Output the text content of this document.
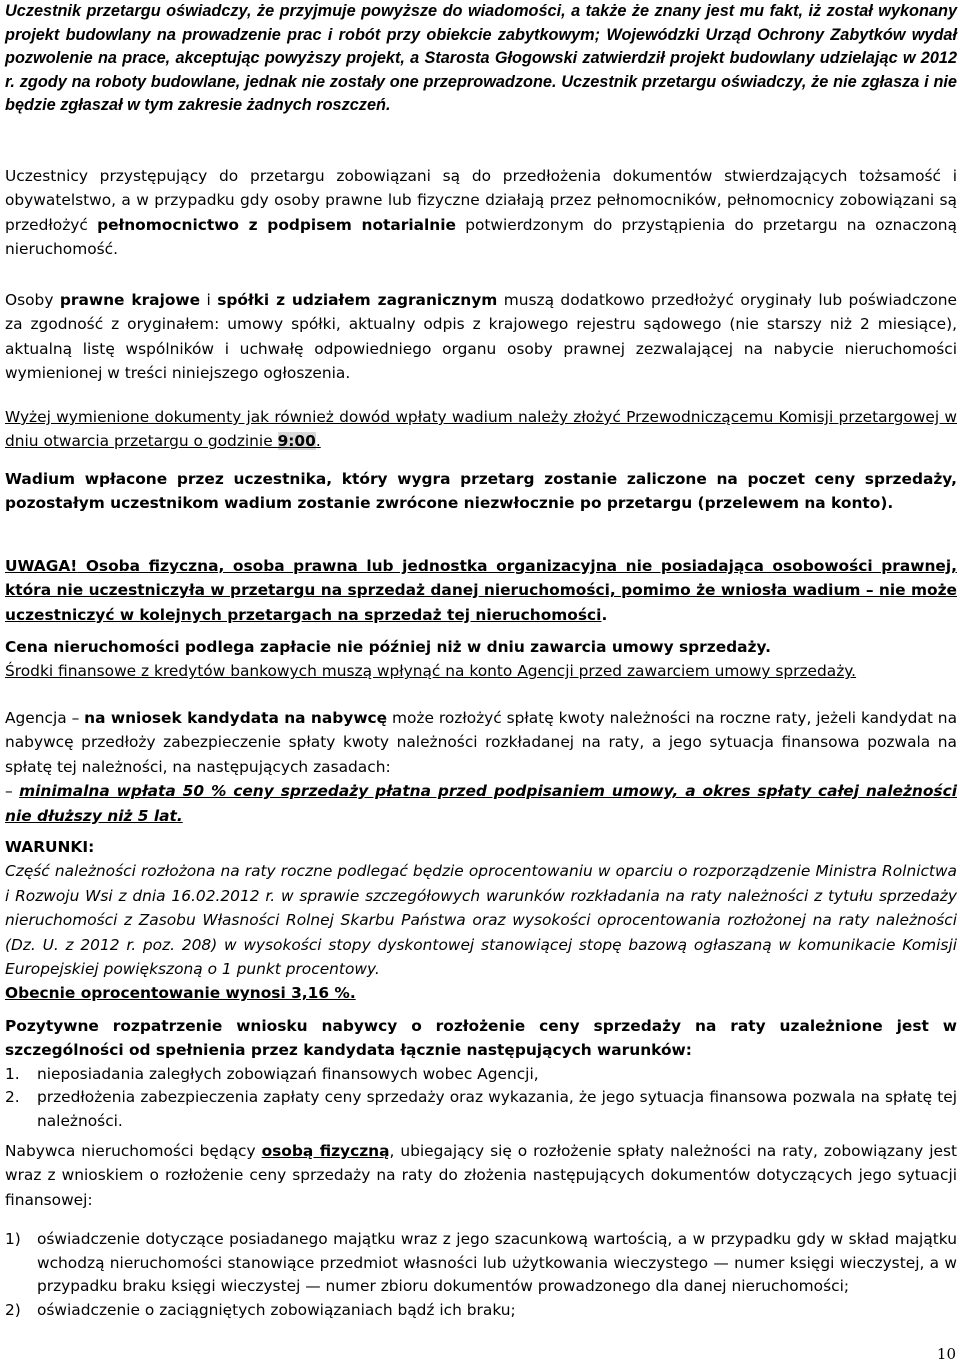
Uczestnik przetargu oświadczy, że przyjmuje powyższe do wiadomości, a także że znany jest mu fakt, iż został wykonany projekt budowlany na prowadzenie prac i robót przy obiekcie zabytkowym; Wojewódzki Urząd Ochrony Zabytków wydał pozwolenie na prace, akceptując powyższy projekt, a Starosta Głogowski zatwierdził projekt budowlany udzielając w 2012 r. zgody na roboty budowlane, jednak nie zostały one przeprowadzone. Uczestnik przetargu oświadczy, że nie zgłasza i nie będzie zgłaszał w tym zakresie żadnych roszczeń.

Uczestnicy przystępujący do przetargu zobowiązani są do przedłożenia dokumentów stwierdzających tożsamość i obywatelstwo, a w przypadku gdy osoby prawne lub fizyczne działają przez pełnomocników, pełnomocnicy zobowiązani są przedłożyć pełnomocnictwo z podpisem notarialnie potwierdzonym do przystąpienia do przetargu na oznaczoną nieruchomość.

Osoby prawne krajowe i spółki z udziałem zagranicznym muszą dodatkowo przedłożyć oryginały lub poświadczone za zgodność z oryginałem: umowy spółki, aktualny odpis z krajowego rejestru sądowego (nie starszy niż 2 miesiące), aktualną listę wspólników i uchwałę odpowiedniego organu osoby prawnej zezwalającej na nabycie nieruchomości wymienionej w treści niniejszego ogłoszenia.

Wyżej wymienione dokumenty jak również dowód wpłaty wadium należy złożyć Przewodniczącemu Komisji przetargowej w dniu otwarcia przetargu o godzinie 9:00.

Wadium wpłacone przez uczestnika, który wygra przetarg zostanie zaliczone na poczet ceny sprzedaży, pozostałym uczestnikom wadium zostanie zwrócone niezwłocznie po przetargu (przelewem na konto).

UWAGA! Osoba fizyczna, osoba prawna lub jednostka organizacyjna nie posiadająca osobowości prawnej, która nie uczestniczyła w przetargu na sprzedaż danej nieruchomości, pomimo że wniosła wadium – nie może uczestniczyć w kolejnych przetargach na sprzedaż tej nieruchomości.

Cena nieruchomości podlega zapłacie nie później niż w dniu zawarcia umowy sprzedaży.
Środki finansowe z kredytów bankowych muszą wpłynąć na konto Agencji przed zawarciem umowy sprzedaży.

Agencja – na wniosek kandydata na nabywcę może rozłożyć spłatę kwoty należności na roczne raty, jeżeli kandydat na nabywcę przedłoży zabezpieczenie spłaty kwoty należności rozkładanej na raty, a jego sytuacja finansowa pozwala na spłatę tej należności, na następujących zasadach:
– minimalna wpłata 50 % ceny sprzedaży płatna przed podpisaniem umowy, a okres spłaty całej należności nie dłuższy niż 5 lat.

WARUNKI:
Część należności rozłożona na raty roczne podlegać będzie oprocentowaniu w oparciu o rozporządzenie Ministra Rolnictwa i Rozwoju Wsi z dnia 16.02.2012 r. w sprawie szczegółowych warunków rozkładania na raty należności z tytułu sprzedaży nieruchomości z Zasobu Własności Rolnej Skarbu Państwa oraz wysokości oprocentowania rozłożonej na raty należności (Dz. U. z 2012 r. poz. 208) w wysokości stopy dyskontowej stanowiącej stopę bazową ogłaszaną w komunikacie Komisji Europejskiej powiększoną o 1 punkt procentowy.
Obecnie oprocentowanie wynosi 3,16 %.

Pozytywne rozpatrzenie wniosku nabywcy o rozłożenie ceny sprzedaży na raty uzależnione jest w szczególności od spełnienia przez kandydata łącznie następujących warunków:

1. nieposiadania zaległych zobowiązań finansowych wobec Agencji,
2. przedłożenia zabezpieczenia zapłaty ceny sprzedaży oraz wykazania, że jego sytuacja finansowa pozwala na spłatę tej należności.

Nabywca nieruchomości będący osobą fizyczną, ubiegający się o rozłożenie spłaty należności na raty, zobowiązany jest wraz z wnioskiem o rozłożenie ceny sprzedaży na raty do złożenia następujących dokumentów dotyczących jego sytuacji finansowej:

1) oświadczenie dotyczące posiadanego majątku wraz z jego szacunkową wartością, a w przypadku gdy w skład majątku wchodzą nieruchomości stanowiące przedmiot własności lub użytkowania wieczystego — numer księgi wieczystej, a w przypadku braku księgi wieczystej — numer zbioru dokumentów prowadzonego dla danej nieruchomości;
2) oświadczenie o zaciągniętych zobowiązaniach bądź ich braku;
10
